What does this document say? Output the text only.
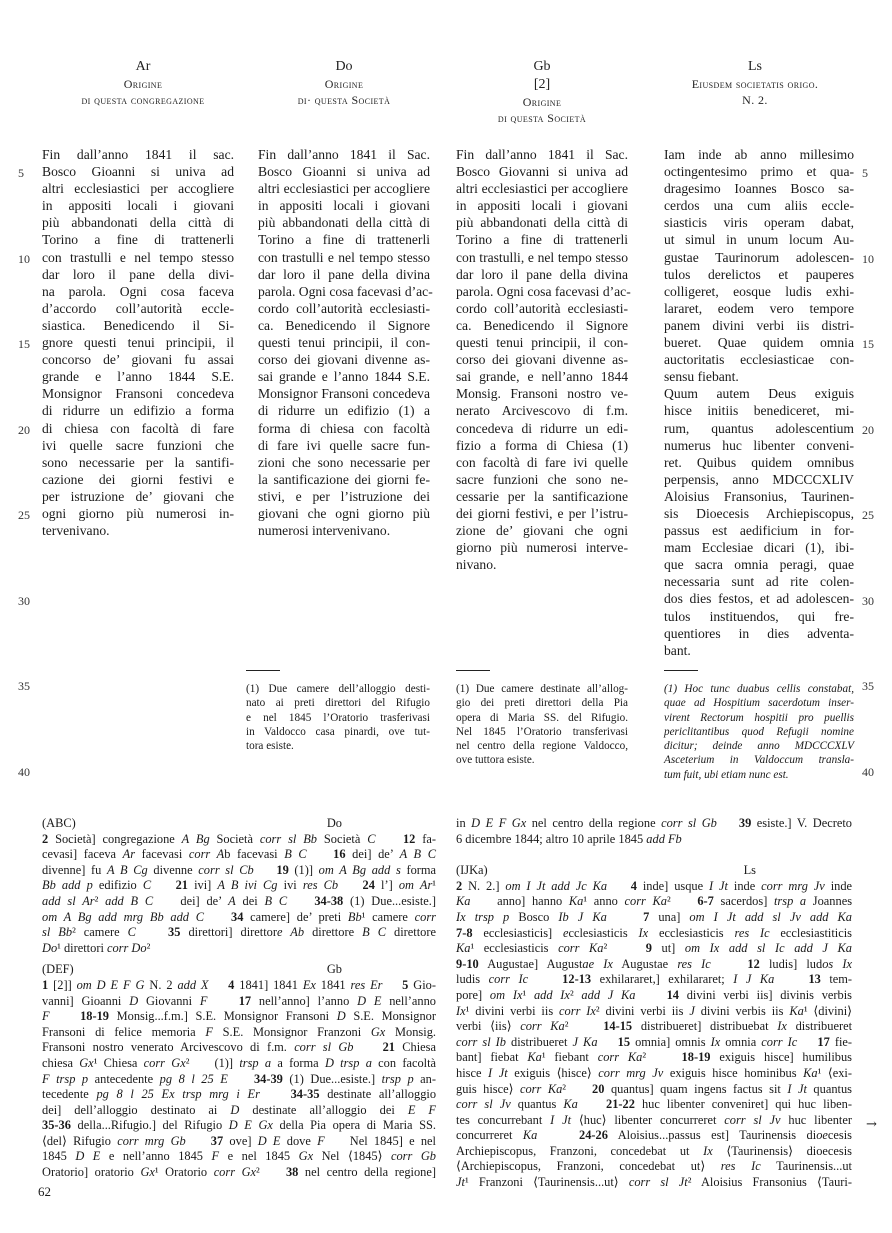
Ar
Origine
di questa congregazione
Do
Origine
di· questa Società
Gb
[2]
Origine
di questa Società
Ls
Eiusdem societatis origo.
N. 2.
Fin dall’anno 1841 il sac.
Bosco Gioanni si univa ad
altri ecclesiastici per accogliere
in appositi locali i giovani
più abbandonati della città di
Torino a fine di trattenerli
con trastulli e nel tempo stesso
dar loro il pane della divi-
na parola. Ogni cosa faceva
d’accordo coll’autorità eccle-
siastica. Benedicendo il Si-
gnore questi tenui principii, il
concorso de’ giovani fu assai
grande e l’anno 1844 S.E.
Monsignor Fransoni concedeva
di ridurre un edifizio a forma
di chiesa con facoltà di fare
ivi quelle sacre funzioni che
sono necessarie per la santifi-
cazione dei giorni festivi e
per istruzione de’ giovani che
ogni giorno più numerosi in-
tervenivano.
Fin dall’anno 1841 il Sac.
Bosco Gioanni si univa ad
altri ecclesiastici per accogliere
in appositi locali i giovani
più abbandonati della città di
Torino a fine di trattenerli
con trastulli e nel tempo stesso
dar loro il pane della divina
parola. Ogni cosa facevasi d’ac-
cordo coll’autorità ecclesiasti-
ca. Benedicendo il Signore
questi tenui principii, il con-
corso dei giovani divenne as-
sai grande e l’anno 1844 S.E.
Monsignor Fransoni concedeva
di ridurre un edifizio (1) a
forma di chiesa con facoltà
di fare ivi quelle sacre fun-
zioni che sono necessarie per
la santificazione dei giorni fe-
stivi, e per l’istruzione dei
giovani che ogni giorno più
numerosi intervenivano.
Fin dall’anno 1841 il Sac.
Bosco Giovanni si univa ad
altri ecclesiastici per accogliere
in appositi locali i giovani
più abbandonati della città di
Torino a fine di trattenerli
con trastulli, e nel tempo stesso
dar loro il pane della divina
parola. Ogni cosa facevasi d’ac-
cordo coll’autorità ecclesiasti-
ca. Benedicendo il Signore
questi tenui principii, il con-
corso dei giovani divenne as-
sai grande, e nell’anno 1844
Monsig. Fransoni nostro ve-
nerato Arcivescovo di f.m.
concedeva di ridurre un edi-
fizio a forma di Chiesa (1)
con facoltà di fare ivi quelle
sacre funzioni che sono ne-
cessarie per la santificazione
dei giorni festivi, e per l’istru-
zione de’ giovani che ogni
giorno più numerosi interve-
nivano.
Iam inde ab anno millesimo
octingentesimo primo et qua-
dragesimo Ioannes Bosco sa-
cerdos una cum aliis eccle-
siasticis viris operam dabat,
ut simul in unum locum Au-
gustae Taurinorum adolescen-
tulos derelictos et pauperes
colligeret, eosque ludis exhi-
lararet, eodem vero tempore
panem divini verbi iis distri-
bueret. Quae quidem omnia
auctoritatis ecclesiasticae con-
sensu fiebant.
Quum autem Deus exiguis
hisce initiis benediceret, mi-
rum, quantus adolescentium
numerus huc libenter conveni-
ret. Quibus quidem omnibus
perpensis, anno MDCCCXLIV
Aloisius Fransonius, Taurinen-
sis Dioecesis Archiepiscopus,
passus est aedificium in for-
mam Ecclesiae dicari (1), ibi-
que sacra omnia peragi, quae
necessaria sunt ad rite colen-
dos dies festos, et ad adolescen-
tulos instituendos, qui fre-
quentiores in dies adventa-
bant.
5
10
15
20
25
30
35
40
5
10
15
20
25
30
35
40
(1) Due camere dell’alloggio desti-
nato ai preti direttori del Rifugio
e nel 1845 l’Oratorio trasferivasi
in Valdocco casa pinardi, ove tut-
tora esiste.
(1) Due camere destinate all’allog-
gio dei preti direttori della Pia
opera di Maria SS. del Rifugio.
Nel 1845 l’Oratorio transferivasi
nel centro della regione Valdocco,
ove tuttora esiste.
(1) Hoc tunc duabus cellis constabat,
quae ad Hospitium sacerdotum inser-
virent Rectorum hospitii pro puellis
periclitantibus quod Refugii nomine
dicitur; deinde anno MDCCCXLV
Asceterium in Valdoccum transla-
tum fuit, ubi etiam nunc est.
(ABC)	Do
2 Società] congregazione A Bg Società corr sl Bb Società C 12 fa-
cevasi] faceva Ar facevasi corr Ab facevasi B C 16 dei] de’ A B C
divenne] fu A B Cg divenne corr sl Cb 19 (1)] om A Bg add s forma
Bb add p edifizio C 21 ivi] A B ivi Cg ivi res Cb 24 l’] om Ar¹
add sl Ar² add B C    dei] de’ A dei B C 34-38 (1) Due...esiste.]
om A Bg add mrg Bb add C 34 camere] de’ preti Bb¹ camere corr
sl Bb² camere C	35 direttori] direttore Ab direttore B C direttore
Do¹ direttori corr Do²
(DEF)	Gb
1 [2]] om D E F G N. 2 add X 4 1841] 1841 Ex 1841 res Er 5 Gio-
vanni] Gioanni D Giovanni F	17 nell’anno] l’anno D E nell’anno
F 18-19 Monsig...f.m.] S.E. Monsignor Fransoni D S.E. Monsignor
Fransoni di felice memoria F S.E. Monsignor Franzoni Gx Monsig.
Fransoni nostro venerato Arcivescovo di f.m. corr sl Gb 21 Chiesa
chiesa Gx¹ Chiesa corr Gx²    (1)] trsp a a forma D trsp a con facoltà
F trsp p antecedente pg 8 l 25 E 34-39 (1) Due...esiste.] trsp p an-
tecedente pg 8 l 25 Ex trsp mrg i Er 34-35 destinate all’alloggio
dei] dell’alloggio destinato ai D destinate all’alloggio dei E F
35-36 della...Rifugio.] del Rifugio D E Gx della Pia opera di Maria SS.
⟨del⟩ Rifugio corr mrg Gb 37 ove] D E dove F    Nel 1845] e nel
1845 D E e nell’anno 1845 F e nel 1845 Gx Nel ⟨1845⟩ corr Gb
Oratorio] oratorio Gx¹ Oratorio corr Gx²    38 nel centro della regione]
in D E F Gx nel centro della regione corr sl Gb 39 esiste.] V. Decreto
6 dicembre 1844; altro 10 aprile 1845 add Fb
(IJKa)	Ls
2 N. 2.] om I Jt add Jc Ka 4 inde] usque I Jt inde corr mrg Jv inde
Ka    anno] hanno Ka¹ anno corr Ka²    6-7 sacerdos] trsp a Joannes
Ix trsp p Bosco Ib J Ka	7 una] om I Jt add sl Jv add Ka
7-8 ecclesiasticis] ecclesiasticis Ix ecclesiasticis res Ic ecclesiastiticis
Ka¹ ecclesiasticis corr Ka²    9 ut] om Ix add sl Ic add J Ka
9-10 Augustae] Augustae Ix Augustae res Ic	12 ludis] ludos Ix
ludis corr Ic	12-13 exhilararet,] exhilararet; I J Ka	13 tem-
pore] om Ix¹ add Ix² add J Ka	14 divini verbi iis] divinis verbis
Ix¹ divini verbi iis corr Ix² divini verbi iis J divini verbis iis Ka¹ ⟨divini⟩
verbi ⟨iis⟩ corr Ka²    14-15 distribueret] distribuebat Ix distribueret
corr sl Ib distribueret J Ka 15 omnia] omnis Ix omnia corr Ic 17 fie-
bant] fiebat Ka¹ fiebant corr Ka²    18-19 exiguis hisce] humilibus
hisce I Jt exiguis ⟨hisce⟩ corr mrg Jv exiguis hisce hominibus Ka¹ ⟨exi-
guis hisce⟩ corr Ka²    20 quantus] quam ingens factus sit I Jt quantus
corr sl Jv quantus Ka 21-22 huc libenter conveniret] qui huc liben-
tes concurrebant I Jt ⟨huc⟩ libenter concurreret corr sl Jv huc libenter
concurreret Ka	24-26 Aloisius...passus est] Taurinensis dioecesis
Archiepiscopus, Franzoni, concedebat ut Ix ⟨Taurinensis⟩ dioecesis
⟨Archiepiscopus, Franzoni, concedebat ut⟩ res Ic Taurinensis...ut
Jt¹ Franzoni ⟨Taurinensis...ut⟩ corr sl Jt² Aloisius Fransonius ⟨Tauri-
→
62
